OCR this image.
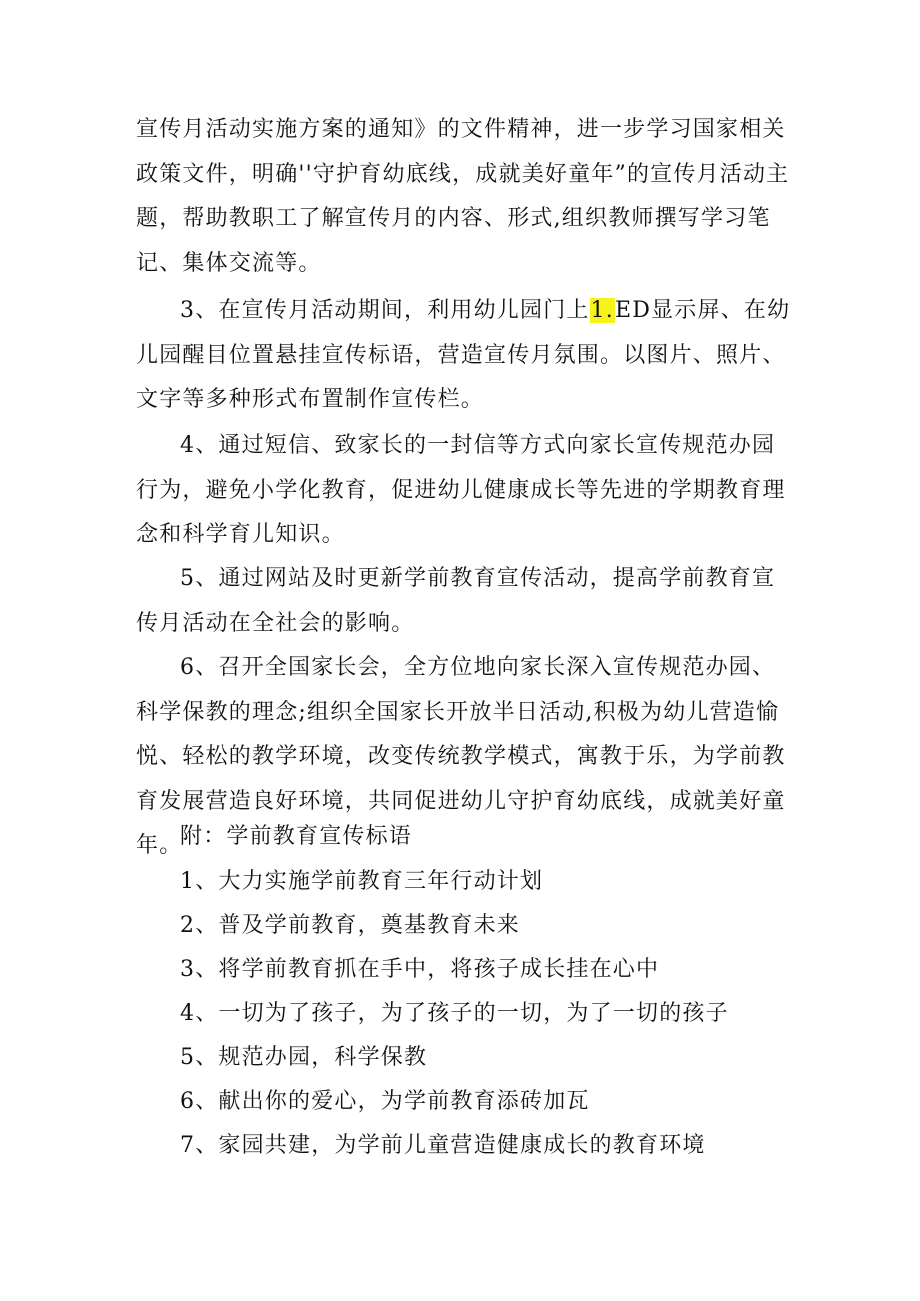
宣传月活动实施方案的通知》的文件精神，进一步学习国家相关政策文件，明确''守护育幼底线，成就美好童年”的宣传月活动主题，帮助教职工了解宣传月的内容、形式,组织教师撰写学习笔记、集体交流等。

3、在宣传月活动期间，利用幼儿园门上1.ED显示屏、在幼儿园醒目位置悬挂宣传标语，营造宣传月氛围。以图片、照片、文字等多种形式布置制作宣传栏。

4、通过短信、致家长的一封信等方式向家长宣传规范办园行为，避免小学化教育，促进幼儿健康成长等先进的学期教育理念和科学育儿知识。

5、通过网站及时更新学前教育宣传活动，提高学前教育宣传月活动在全社会的影响。

6、召开全国家长会，全方位地向家长深入宣传规范办园、科学保教的理念;组织全国家长开放半日活动,积极为幼儿营造愉悦、轻松的教学环境，改变传统教学模式，寓教于乐，为学前教育发展营造良好环境，共同促进幼儿守护育幼底线，成就美好童年。

附：学前教育宣传标语

1、大力实施学前教育三年行动计划

2、普及学前教育，奠基教育未来

3、将学前教育抓在手中，将孩子成长挂在心中

4、一切为了孩子，为了孩子的一切，为了一切的孩子

5、规范办园，科学保教

6、献出你的爱心，为学前教育添砖加瓦

7、家园共建，为学前儿童营造健康成长的教育环境
